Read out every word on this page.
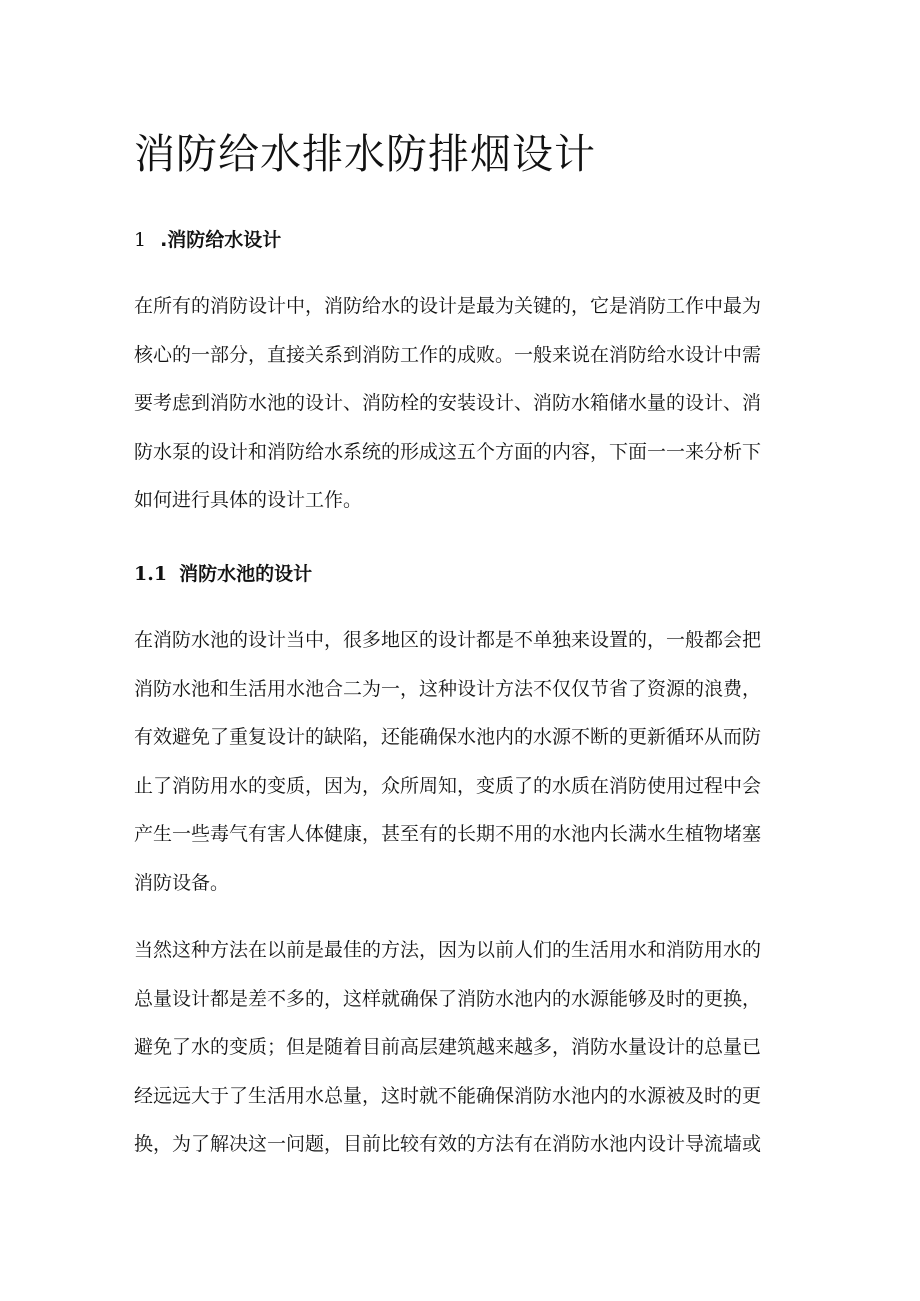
消防给水排水防排烟设计
1 .消防给水设计

在所有的消防设计中，消防给水的设计是最为关键的，它是消防工作中最为
核心的一部分，直接关系到消防工作的成败。一般来说在消防给水设计中需
要考虑到消防水池的设计、消防栓的安装设计、消防水箱储水量的设计、消
防水泵的设计和消防给水系统的形成这五个方面的内容，下面一一来分析下
如何进行具体的设计工作。

1.1 消防水池的设计

在消防水池的设计当中，很多地区的设计都是不单独来设置的，一般都会把
消防水池和生活用水池合二为一，这种设计方法不仅仅节省了资源的浪费，
有效避免了重复设计的缺陷，还能确保水池内的水源不断的更新循环从而防
止了消防用水的变质，因为，众所周知，变质了的水质在消防使用过程中会
产生一些毒气有害人体健康，甚至有的长期不用的水池内长满水生植物堵塞
消防设备。

当然这种方法在以前是最佳的方法，因为以前人们的生活用水和消防用水的
总量设计都是差不多的，这样就确保了消防水池内的水源能够及时的更换，
避免了水的变质；但是随着目前高层建筑越来越多，消防水量设计的总量已
经远远大于了生活用水总量，这时就不能确保消防水池内的水源被及时的更
换，为了解决这一问题，目前比较有效的方法有在消防水池内设计导流墙或
